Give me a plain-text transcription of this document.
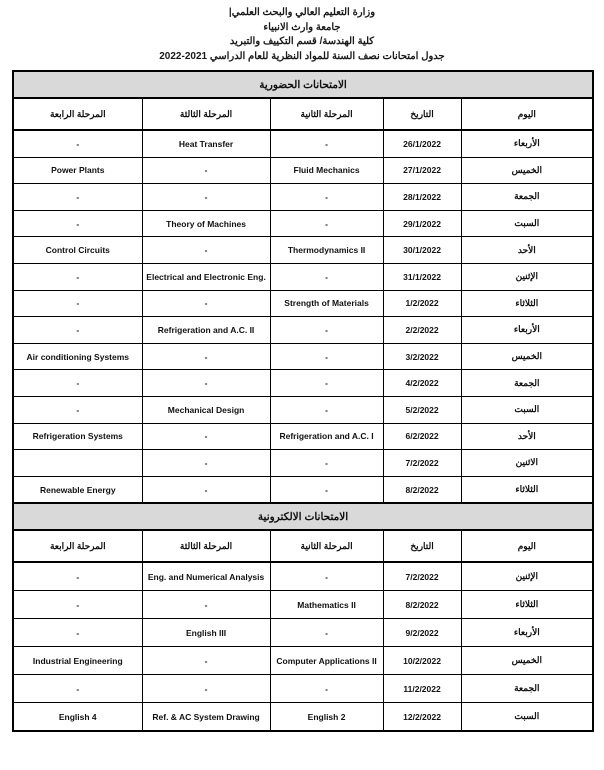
وزارة التعليم العالي والبحث العلمي|
جامعة وارث الانبياء
كلية الهندسة/ قسم التكييف والتبريد
جدول امتحانات نصف السنة للمواد النظرية للعام الدراسي 2021‏-‏2022
الامتحانات الحضورية				
اليوم	التاريخ	المرحلة الثانية	المرحلة الثالثة	المرحلة الرابعة
الأربعاء	26/1/2022	-	Heat Transfer	-
الخميس	27/1/2022	Fluid Mechanics	-	Power Plants
الجمعة	28/1/2022	-	-	-
السبت	29/1/2022	-	Theory of Machines	-
الأحد	30/1/2022	Thermodynamics II	-	Control Circuits
الإثنين	31/1/2022	-	Electrical and Electronic Eng.	-
الثلاثاء	1/2/2022	Strength of Materials	-	-
الأربعاء	2/2/2022	-	Refrigeration and A.C. II	-
الخميس	3/2/2022	-	-	Air conditioning Systems
الجمعة	4/2/2022	-	-	-
السبت	5/2/2022	-	Mechanical Design	-
الأحد	6/2/2022	Refrigeration and A.C. I	-	Refrigeration Systems
الاثنين	7/2/2022	-	-	
الثلاثاء	8/2/2022	-	-	Renewable Energy
الامتحانات الالكترونية				
اليوم	التاريخ	المرحلة الثانية	المرحلة الثالثة	المرحلة الرابعة
الإثنين	7/2/2022	-	Eng. and Numerical Analysis	-
الثلاثاء	8/2/2022	Mathematics II	-	-
الأربعاء	9/2/2022	-	English III	-
الخميس	10/2/2022	Computer Applications II	-	Industrial Engineering
الجمعة	11/2/2022	-	-	-
السبت	12/2/2022	English 2	Ref. & AC System Drawing	English 4
